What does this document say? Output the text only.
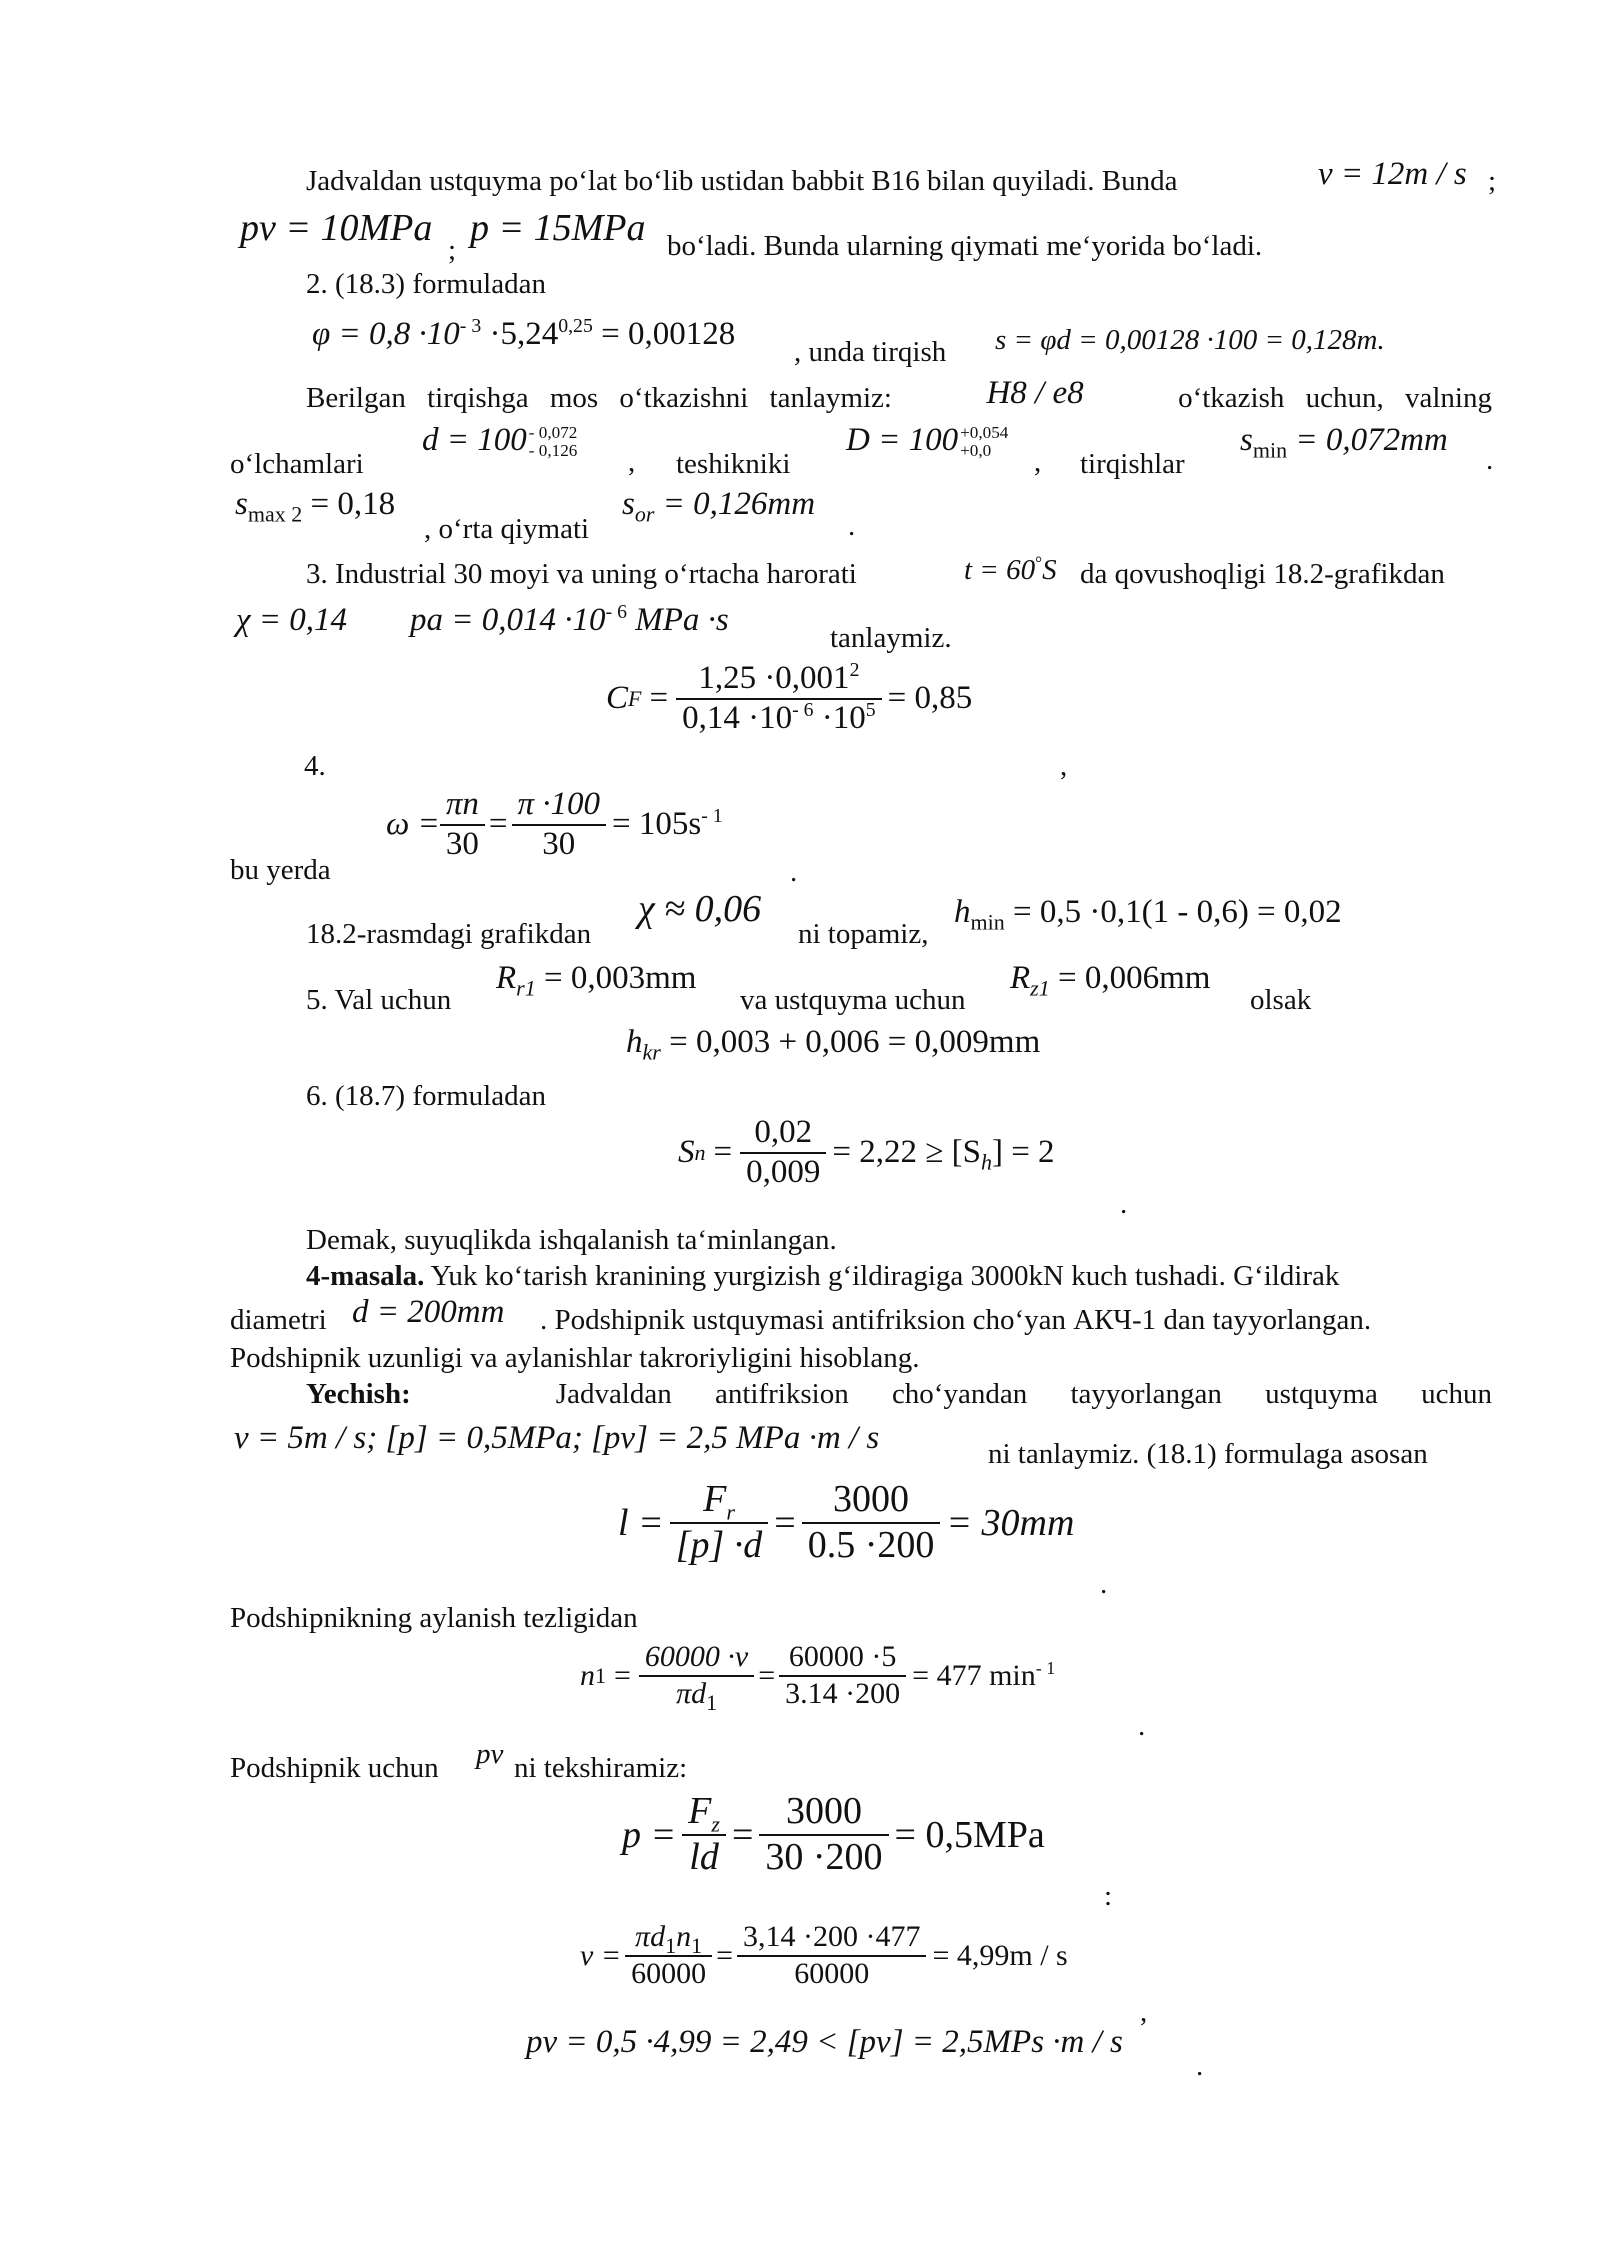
Jadvaldan ustquyma po‘lat bo‘lib ustidan babbit B16 bilan quyiladi. Bunda	v = 12m / s ;
pv = 10MPa
;
p = 15MPa bo‘ladi. Bunda ularning qiymati me‘yorida bo‘ladi.
2. (18.3) formuladan
$\varphi = 0,8 \cdot 10^{- 3} \cdot 5,24^{0,25} = 0,00128$ , unda tirqish s = φd = 0,00128 ·100 = 0,128m.
Berilgan tirqishga mos o‘tkazishni tanlaymiz:	H8 / e8	o‘tkazish uchun, valning
o‘lchamlari
d = 100 - 0,072
- 0,126 , teshikniki
D = 100 +0,054
+0,0	, tirqishlar
$s_{min} = 0,072mm$
.
$s_{max 2} = 0,18$
, o‘rta qiymati
$s_{or} = 0,126mm$
.
3. Industrial 30 moyi va uning o‘rtacha harorati	t = 60°S da qovushoqligi 18.2-grafikdan
χ = 0,14 pa = $0,014 \cdot 10^{- 6}$ MPa ·s	tanlaymiz.
C $F = \frac{1,25 \cdot 0,001^2}{0,14 \cdot 10^{- 6} \cdot 10^5} = 0,85$
4.	,
bu yerda
$\omega = \frac{\pi n}{30} = \frac{\pi \cdot 100}{30} = 105s^{- 1}$
.
18.2-rasmdagi grafikdan
χ ≈ 0,06
ni topamiz,
$h_{min} = 0,5 \cdot 0,1(1 - 0,6) = 0,02$
5. Val uchun
$R_{r1} = 0,003mm$
va ustquyma uchun
$R_{z1} = 0,006mm$
olsak
$h_{kr} = 0,003 + 0,006 = 0,009mm$
6. (18.7) formuladan
S $n = \frac{0,02}{0,009} = 2,22 \ge [S_h] = 2$
.
Demak, suyuqlikda ishqalanish ta‘minlangan.
4-masala. Yuk ko‘tarish kranining yurgizish g‘ildiragiga 3000kN kuch tushadi. G‘ildirak
diametri d = 200mm . Podshipnik ustquymasi antifriksion cho‘yan АКЧ-1 dan tayyorlangan.
Podshipnik uzunligi va aylanishlar takroriyligini hisoblang.
Yechish:	Jadvaldan antifriksion cho‘yandan tayyorlangan ustquyma uchun
v = 5m / s; [p] = 0,5MPa; [pv] = 2,5 MPa ·m / s	ni tanlaymiz. (18.1) formulaga asosan
$l = \frac{F_r}{[p] \cdot d} = \frac{3000}{0.5 \cdot 200} = 30mm$
.
Podshipnikning aylanish tezligidan
n $1 = \frac{60000 \cdot v}{\pi d_1} = \frac{60000 \cdot 5}{3.14 \cdot 200} = 477$ $\min^{- 1}$
.
Podshipnik uchun pv ni tekshiramiz:
$p = \frac{F_z}{ld} = \frac{3000}{30 \cdot 200} = 0,5MPa$
:
$v = \frac{\pi d_1n_1}{60000} = \frac{3,14 \cdot 200 \cdot 477}{60000} = 4,99m / s$
,
pv = 0,5 ·4,99 = 2,49 < [pv] = 2,5MPs ·m / s
.
